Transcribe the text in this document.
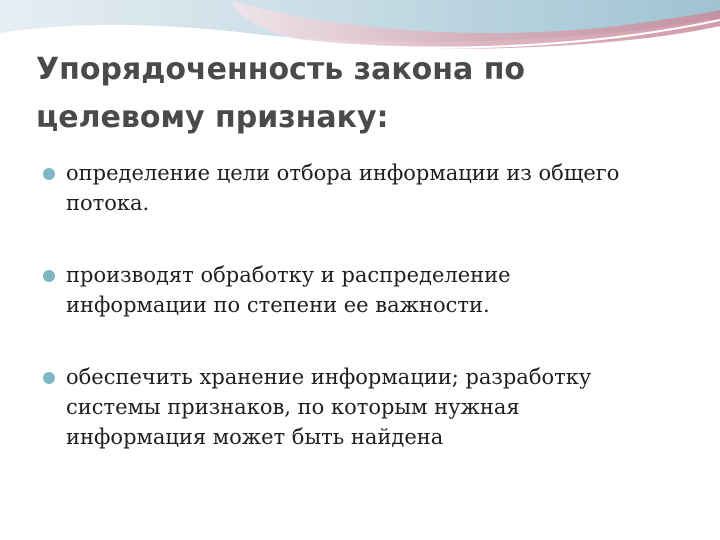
Упорядоченность закона по
целевому признаку:
определение цели отбора информации из общего
потока.
производят обработку и распределение
информации по степени ее важности.
обеспечить хранение информации; разработку
системы признаков, по которым нужная
информация может быть найдена
